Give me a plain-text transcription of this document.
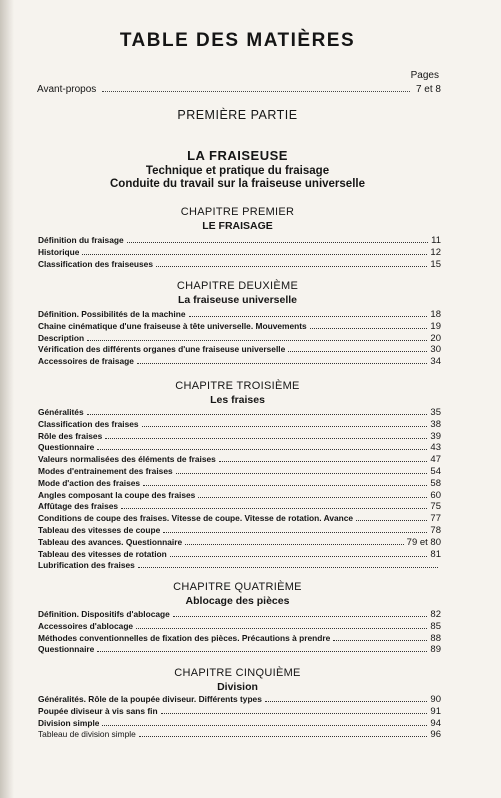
TABLE DES MATIÈRES
Pages
Avant-propos	7 et 8
PREMIÈRE PARTIE
LA FRAISEUSE
Technique et pratique du fraisage
Conduite du travail sur la fraiseuse universelle
CHAPITRE PREMIER
LE FRAISAGE
Définition du fraisage	11
Historique	12
Classification des fraiseuses	15
CHAPITRE DEUXIÈME
La fraiseuse universelle
Définition. Possibilités de la machine	18
Chaine cinématique d'une fraiseuse à tête universelle. Mouvements	19
Description	20
Vérification des différents organes d'une fraiseuse universelle	30
Accessoires de fraisage	34
CHAPITRE TROISIÈME
Les fraises
Généralités	35
Classification des fraises	38
Rôle des fraises	39
Questionnaire	43
Valeurs normalisées des éléments de fraises	47
Modes d'entrainement des fraises	54
Mode d'action des fraises	58
Angles composant la coupe des fraises	60
Affûtage des fraises	75
Conditions de coupe des fraises. Vitesse de coupe. Vitesse de rotation. Avance	77
Tableau des vitesses de coupe	78
Tableau des avances. Questionnaire	79 et 80
Tableau des vitesses de rotation	81
Lubrification des fraises
CHAPITRE QUATRIÈME
Ablocage des pièces
Définition. Dispositifs d'ablocage	82
Accessoires d'ablocage	85
Méthodes conventionnelles de fixation des pièces. Précautions à prendre	88
Questionnaire	89
CHAPITRE CINQUIÈME
Division
Généralités. Rôle de la poupée diviseur. Différents types	90
Poupée diviseur à vis sans fin	91
Division simple	94
Tableau de division simple	96
